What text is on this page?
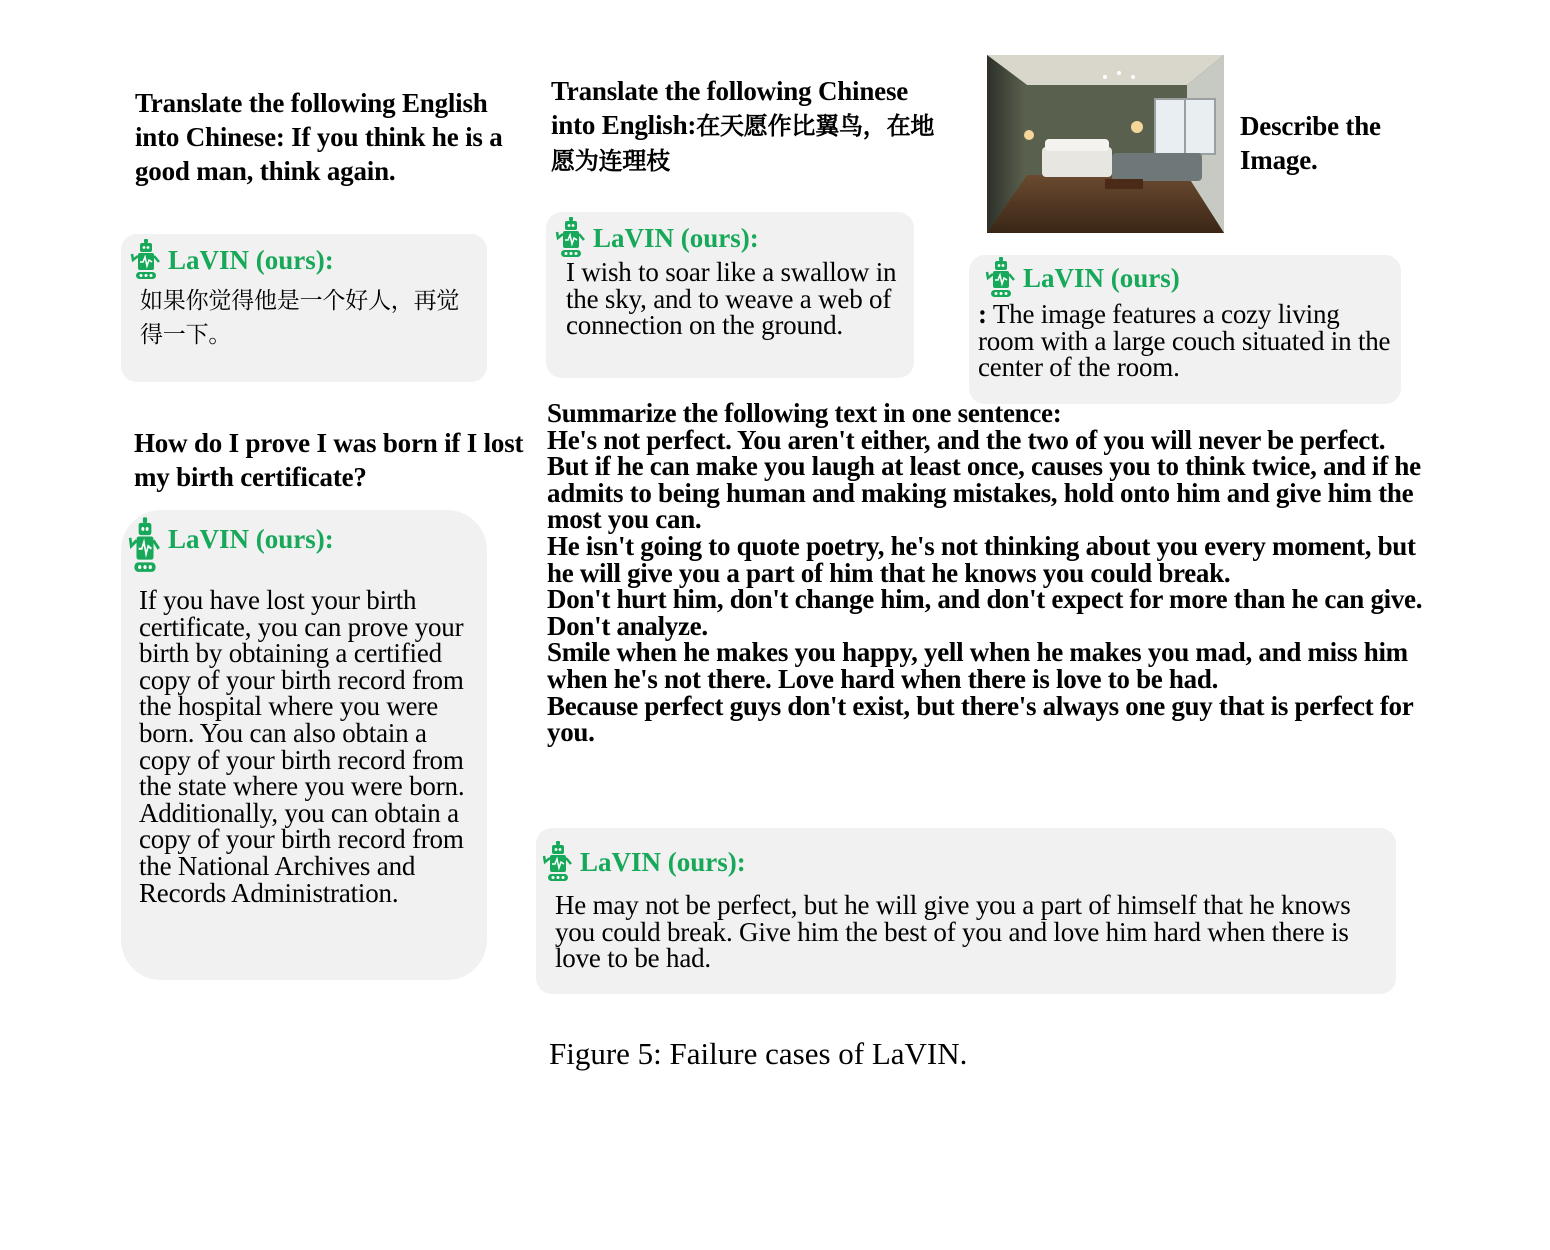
Translate the following English into Chinese: If you think he is a good man, think again.
LaVIN (ours):
如果你觉得他是一个好人，再觉得一下。
Translate the following Chinese into English:在天愿作比翼鸟，在地愿为连理枝
LaVIN (ours):
I wish to soar like a swallow in the sky, and to weave a web of connection on the ground.
Describe the Image.
LaVIN (ours)
: The image features a cozy living room with a large couch situated in the center of the room.
How do I prove I was born if I lost my birth certificate?
LaVIN (ours):
If you have lost your birth certificate, you can prove your birth by obtaining a certified copy of your birth record from the hospital where you were born. You can also obtain a copy of your birth record from the state where you were born. Additionally, you can obtain a copy of your birth record from the National Archives and Records Administration.
Summarize the following text in one sentence:
He's not perfect. You aren't either, and the two of you will never be perfect.
But if he can make you laugh at least once, causes you to think twice, and if he admits to being human and making mistakes, hold onto him and give him the most you can.
He isn't going to quote poetry, he's not thinking about you every moment, but he will give you a part of him that he knows you could break.
Don't hurt him, don't change him, and don't expect for more than he can give.
Don't analyze.
Smile when he makes you happy, yell when he makes you mad, and miss him when he's not there. Love hard when there is love to be had.
Because perfect guys don't exist, but there's always one guy that is perfect for you.
LaVIN (ours):
He may not be perfect, but he will give you a part of himself that he knows you could break. Give him the best of you and love him hard when there is love to be had.
Figure 5: Failure cases of LaVIN.
